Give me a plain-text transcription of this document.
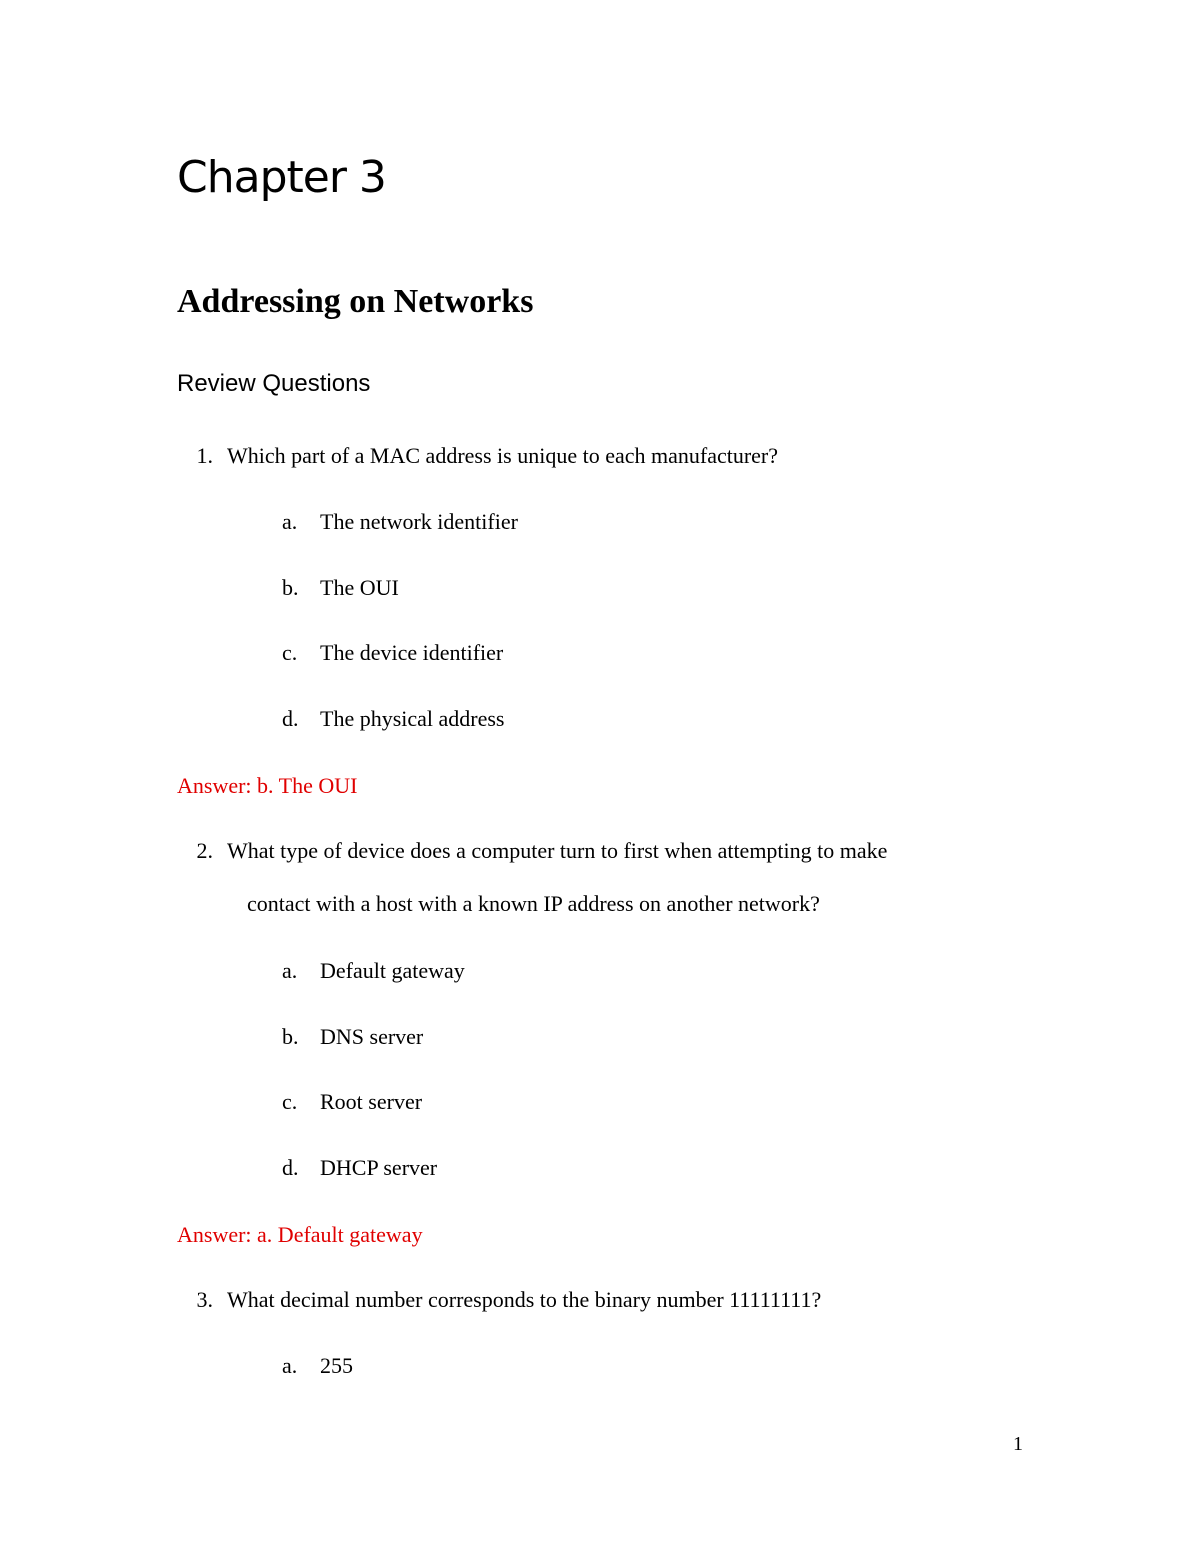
Chapter 3
Addressing on Networks
Review Questions
1. Which part of a MAC address is unique to each manufacturer?
a. The network identifier
b. The OUI
c. The device identifier
d. The physical address
Answer: b. The OUI
2. What type of device does a computer turn to first when attempting to make
contact with a host with a known IP address on another network?
a. Default gateway
b. DNS server
c. Root server
d. DHCP server
Answer: a. Default gateway
3. What decimal number corresponds to the binary number 11111111?
a. 255
1
